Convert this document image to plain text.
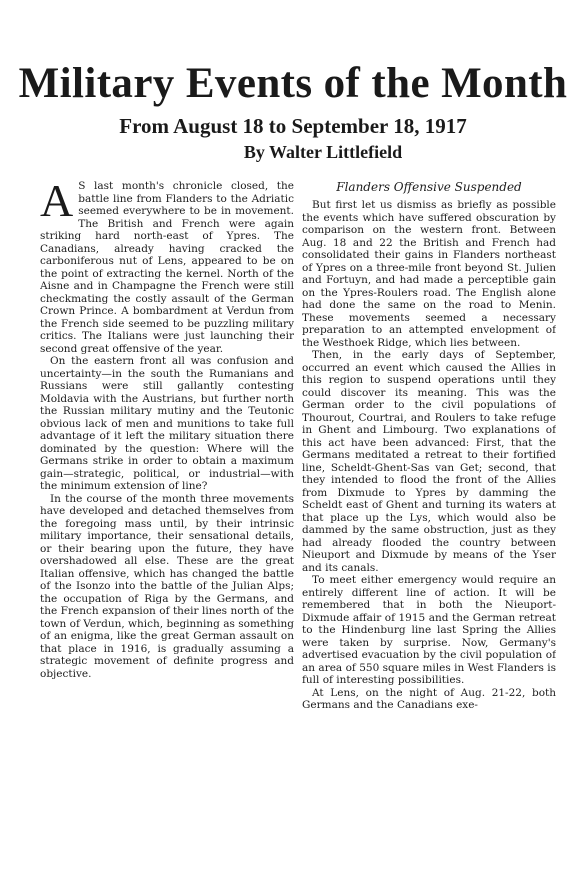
Military Events of the Month
From August 18 to September 18, 1917
By Walter Littlefield

A S last month's chronicle closed, the battle line from Flanders to the Adriatic seemed everywhere to be in movement. The British and French were again striking hard north-east of Ypres. The Canadians, already having cracked the carboniferous nut of Lens, appeared to be on the point of extracting the kernel. North of the Aisne and in Champagne the French were still checkmating the costly assault of the German Crown Prince. A bombardment at Verdun from the French side seemed to be puzzling military critics. The Italians were just launching their second great offensive of the year.

On the eastern front all was confusion and uncertainty—in the south the Rumanians and Russians were still gallantly contesting Moldavia with the Austrians, but further north the Russian military mutiny and the Teutonic obvious lack of men and munitions to take full advantage of it left the military situation there dominated by the question: Where will the Germans strike in order to obtain a maximum gain—strategic, political, or industrial—with the minimum extension of line?

In the course of the month three movements have developed and detached themselves from the foregoing mass until, by their intrinsic military importance, their sensational details, or their bearing upon the future, they have overshadowed all else. These are the great Italian offensive, which has changed the battle of the Isonzo into the battle of the Julian Alps; the occupation of Riga by the Germans, and the French expansion of their lines north of the town of Verdun, which, beginning as something of an enigma, like the great German assault on that place in 1916, is gradually assuming a strategic movement of definite progress and objective.

Flanders Offensive Suspended

But first let us dismiss as briefly as possible the events which have suffered obscuration by comparison on the western front. Between Aug. 18 and 22 the British and French had consolidated their gains in Flanders northeast of Ypres on a three-mile front beyond St. Julien and Fortuyn, and had made a perceptible gain on the Ypres-Roulers road. The English alone had done the same on the road to Menin. These movements seemed a necessary preparation to an attempted envelopment of the Westhoek Ridge, which lies between.

Then, in the early days of September, occurred an event which caused the Allies in this region to suspend operations until they could discover its meaning. This was the German order to the civil populations of Thourout, Courtrai, and Roulers to take refuge in Ghent and Limbourg. Two explanations of this act have been advanced: First, that the Germans meditated a retreat to their fortified line, Scheldt-Ghent-Sas van Get; second, that they intended to flood the front of the Allies from Dixmude to Ypres by damming the Scheldt east of Ghent and turning its waters at that place up the Lys, which would also be dammed by the same obstruction, just as they had already flooded the country between Nieuport and Dixmude by means of the Yser and its canals.

To meet either emergency would require an entirely different line of action. It will be remembered that in both the Nieuport-Dixmude affair of 1915 and the German retreat to the Hindenburg line last Spring the Allies were taken by surprise. Now, Germany's advertised evacuation by the civil population of an area of 550 square miles in West Flanders is full of interesting possibilities.

At Lens, on the night of Aug. 21-22, both Germans and the Canadians exe-
